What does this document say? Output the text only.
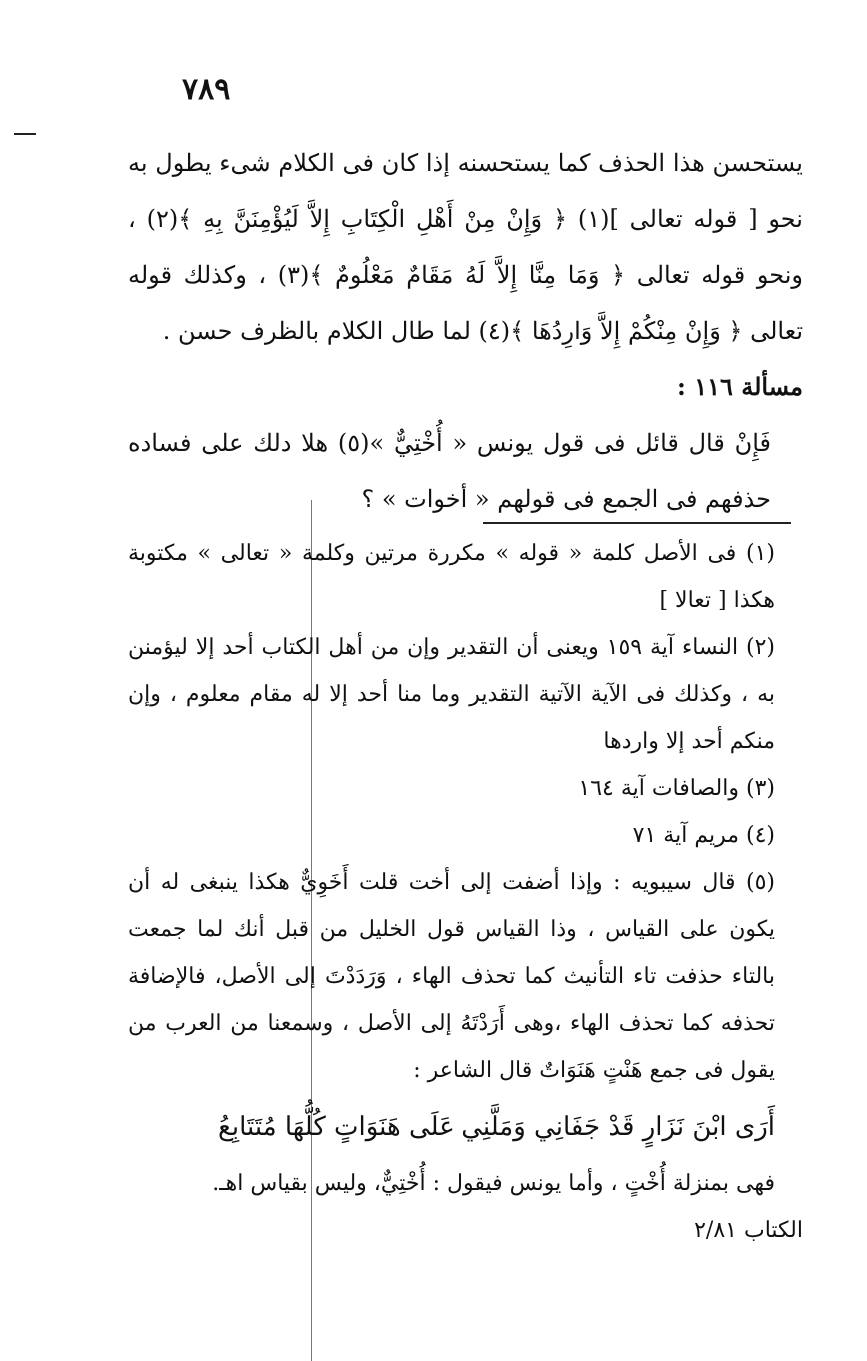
٧٨٩

يستحسن هذا الحذف كما يستحسنه إذا كان فى الكلام شىء يطول به نحو [ قوله تعالى ](١) ﴿ وَإِنْ مِنْ أَهْلِ الْكِتَابِ إِلاَّ لَيُؤْمِنَنَّ بِهِ ﴾(٢) ، ونحو قوله تعالى ﴿ وَمَا مِنَّا إِلاَّ لَهُ مَقَامٌ مَعْلُومٌ ﴾(٣) ، وكذلك قوله تعالى ﴿ وَإِنْ مِنْكُمْ إِلاَّ وَارِدُهَا ﴾(٤) لما طال الكلام بالظرف حسن .

مسألة ١١٦ :

فَإِنْ قال قائل فى قول يونس « أُخْتِيٌّ »(٥) هلا دلك على فساده حذفهم فى الجمع فى قولهم « أخوات » ؟

(١) فى الأصل كلمة « قوله » مكررة مرتين وكلمة « تعالى » مكتوبة هكذا [ تعالا ]

(٢) النساء آية ١٥٩ ويعنى أن التقدير وإن من أهل الكتاب أحد إلا ليؤمنن به ، وكذلك فى الآية الآتية التقدير وما منا أحد إلا له مقام معلوم ، وإن منكم أحد إلا واردها

(٣) والصافات آية ١٦٤

(٤) مريم آية ٧١

(٥) قال سيبويه : وإذا أضفت إلى أخت قلت أَخَوِيٌّ هكذا ينبغى له أن يكون على القياس ، وذا القياس قول الخليل من قبل أنك لما جمعت بالتاء حذفت تاء التأنيث كما تحذف الهاء ، وَرَدَدْتَ إلى الأصل، فالإضافة تحذفه كما تحذف الهاء ،وهى أَرَدْتَهُ إلى الأصل ، وسمعنا من العرب من يقول فى جمع هَنْتٍ هَنَوَاتٌ قال الشاعر :

أَرَى ابْنَ نَزَارٍ قَدْ جَفَانِي وَمَلَّنِي
عَلَى هَنَوَاتٍ كُلُّهَا مُتَتَابِعُ

فهى بمنزلة أُخْتٍ ، وأما يونس فيقول : أُخْتِيٌّ، وليس بقياس اهـ.

الكتاب ٢/٨١
